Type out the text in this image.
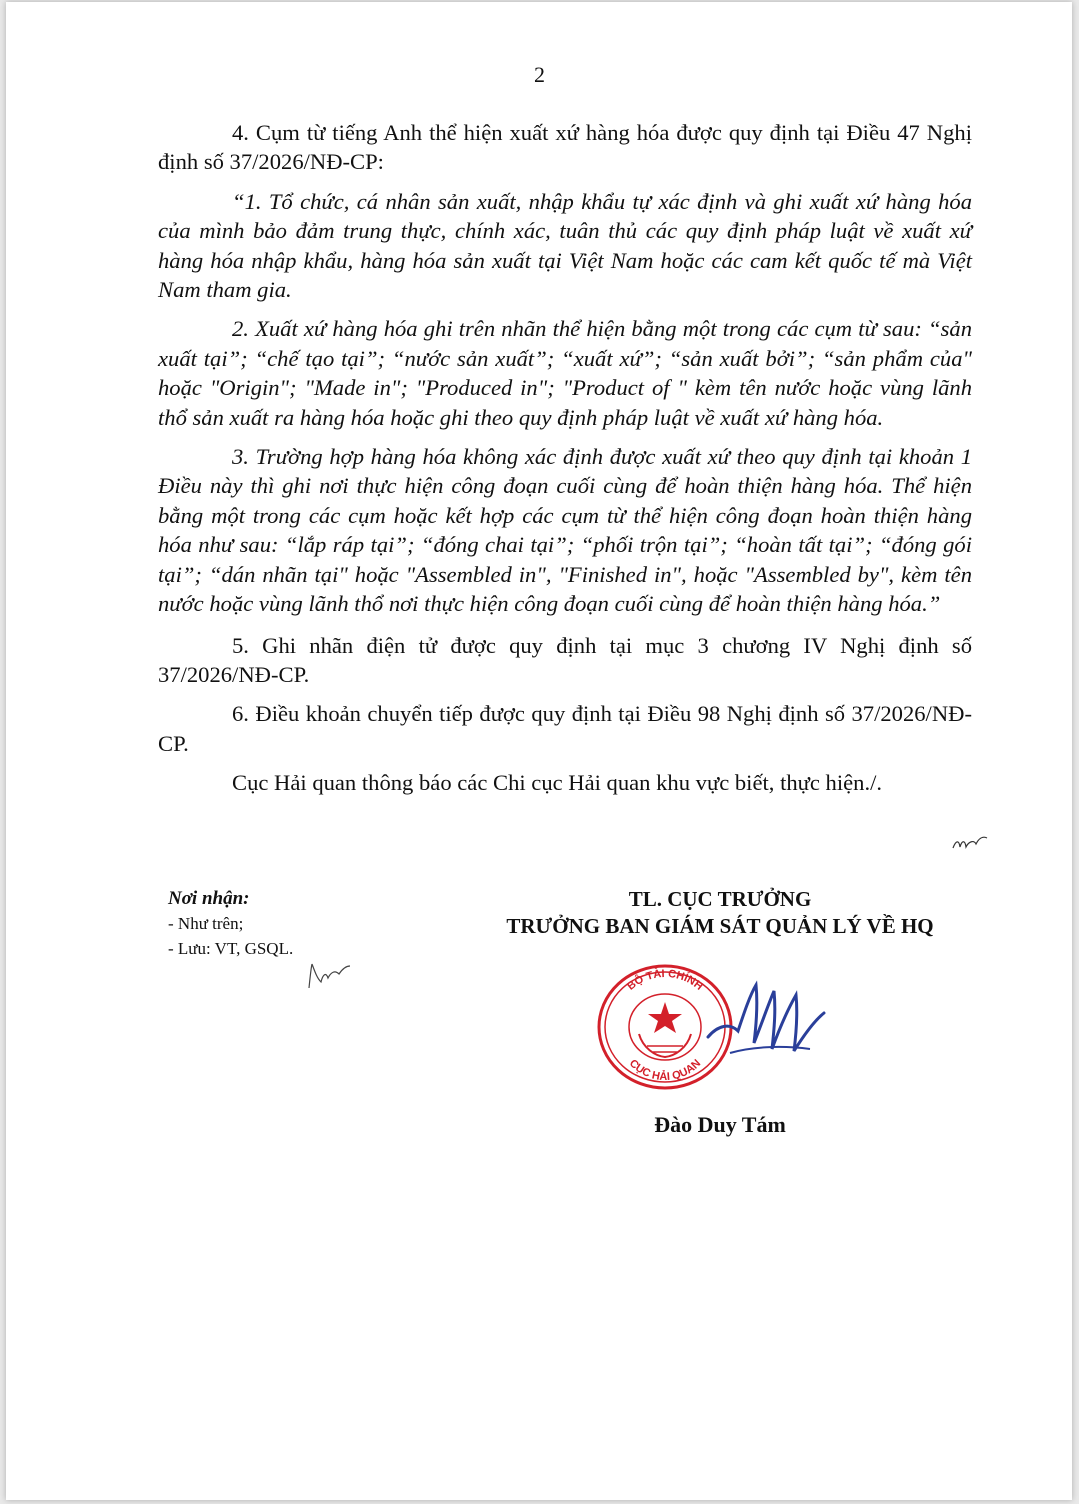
2

4. Cụm từ tiếng Anh thể hiện xuất xứ hàng hóa được quy định tại Điều 47 Nghị định số 37/2026/NĐ-CP:

“1. Tổ chức, cá nhân sản xuất, nhập khẩu tự xác định và ghi xuất xứ hàng hóa của mình bảo đảm trung thực, chính xác, tuân thủ các quy định pháp luật về xuất xứ hàng hóa nhập khẩu, hàng hóa sản xuất tại Việt Nam hoặc các cam kết quốc tế mà Việt Nam tham gia.

2. Xuất xứ hàng hóa ghi trên nhãn thể hiện bằng một trong các cụm từ sau: “sản xuất tại”; “chế tạo tại”; “nước sản xuất”; “xuất xứ”; “sản xuất bởi”; “sản phẩm của" hoặc "Origin"; "Made in"; "Produced in"; "Product of " kèm tên nước hoặc vùng lãnh thổ sản xuất ra hàng hóa hoặc ghi theo quy định pháp luật về xuất xứ hàng hóa.

3. Trường hợp hàng hóa không xác định được xuất xứ theo quy định tại khoản 1 Điều này thì ghi nơi thực hiện công đoạn cuối cùng để hoàn thiện hàng hóa. Thể hiện bằng một trong các cụm hoặc kết hợp các cụm từ thể hiện công đoạn hoàn thiện hàng hóa như sau: “lắp ráp tại”; “đóng chai tại”; “phối trộn tại”; “hoàn tất tại”; “đóng gói tại”; “dán nhãn tại" hoặc "Assembled in", "Finished in", hoặc "Assembled by", kèm tên nước hoặc vùng lãnh thổ nơi thực hiện công đoạn cuối cùng để hoàn thiện hàng hóa.”

5. Ghi nhãn điện tử được quy định tại mục 3 chương IV Nghị định số 37/2026/NĐ-CP.

6. Điều khoản chuyển tiếp được quy định tại Điều 98 Nghị định số 37/2026/NĐ-CP.

Cục Hải quan thông báo các Chi cục Hải quan khu vực biết, thực hiện./.

Nơi nhận:
- Như trên;
- Lưu: VT, GSQL.
TL. CỤC TRƯỞNG
TRƯỞNG BAN GIÁM SÁT QUẢN LÝ VỀ HQ
BỘ TÀI CHÍNH
CỤC HẢI QUAN
Đào Duy Tám
